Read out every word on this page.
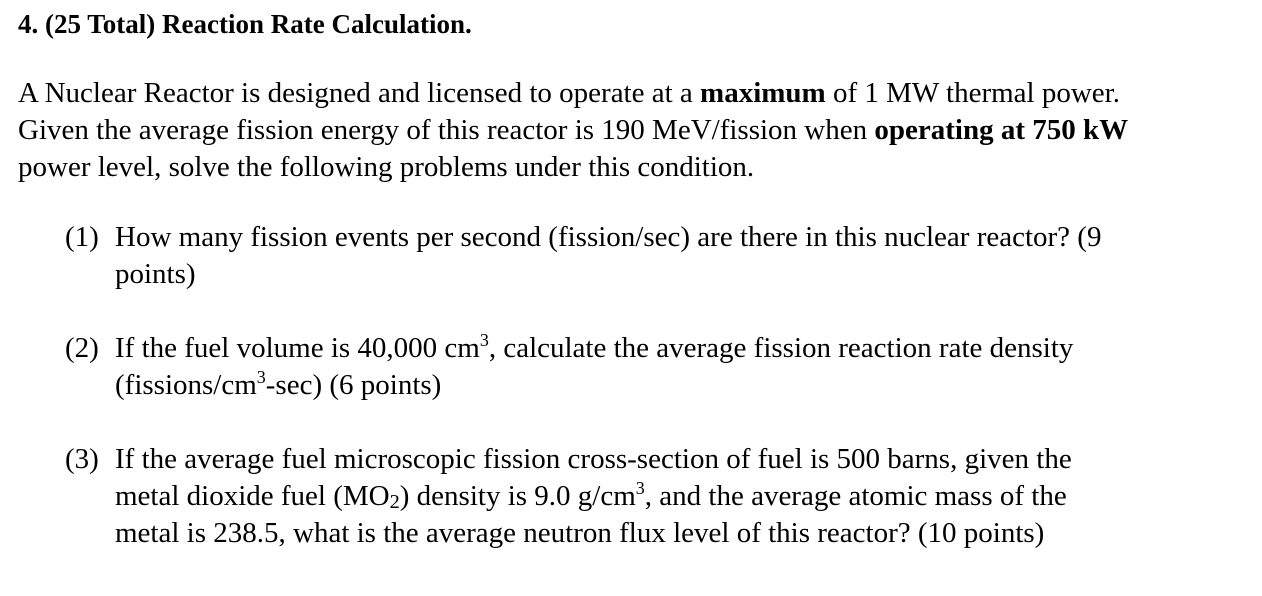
4. (25 Total) Reaction Rate Calculation.

A Nuclear Reactor is designed and licensed to operate at a maximum of 1 MW thermal power.
Given the average fission energy of this reactor is 190 MeV/fission when operating at 750 kW
power level, solve the following problems under this condition.

(1) How many fission events per second (fission/sec) are there in this nuclear reactor? (9
points)
(2) If the fuel volume is 40,000 $cm^3$, calculate the average fission reaction rate density
$(fissions/cm^3-\sec)$ (6 points)
(3) If the average fuel microscopic fission cross-section of fuel is 500 barns, given the
metal dioxide fuel $(MO_2)$ density is 9.0 $g/cm^3$, and the average atomic mass of the
metal is 238.5, what is the average neutron flux level of this reactor? (10 points)
